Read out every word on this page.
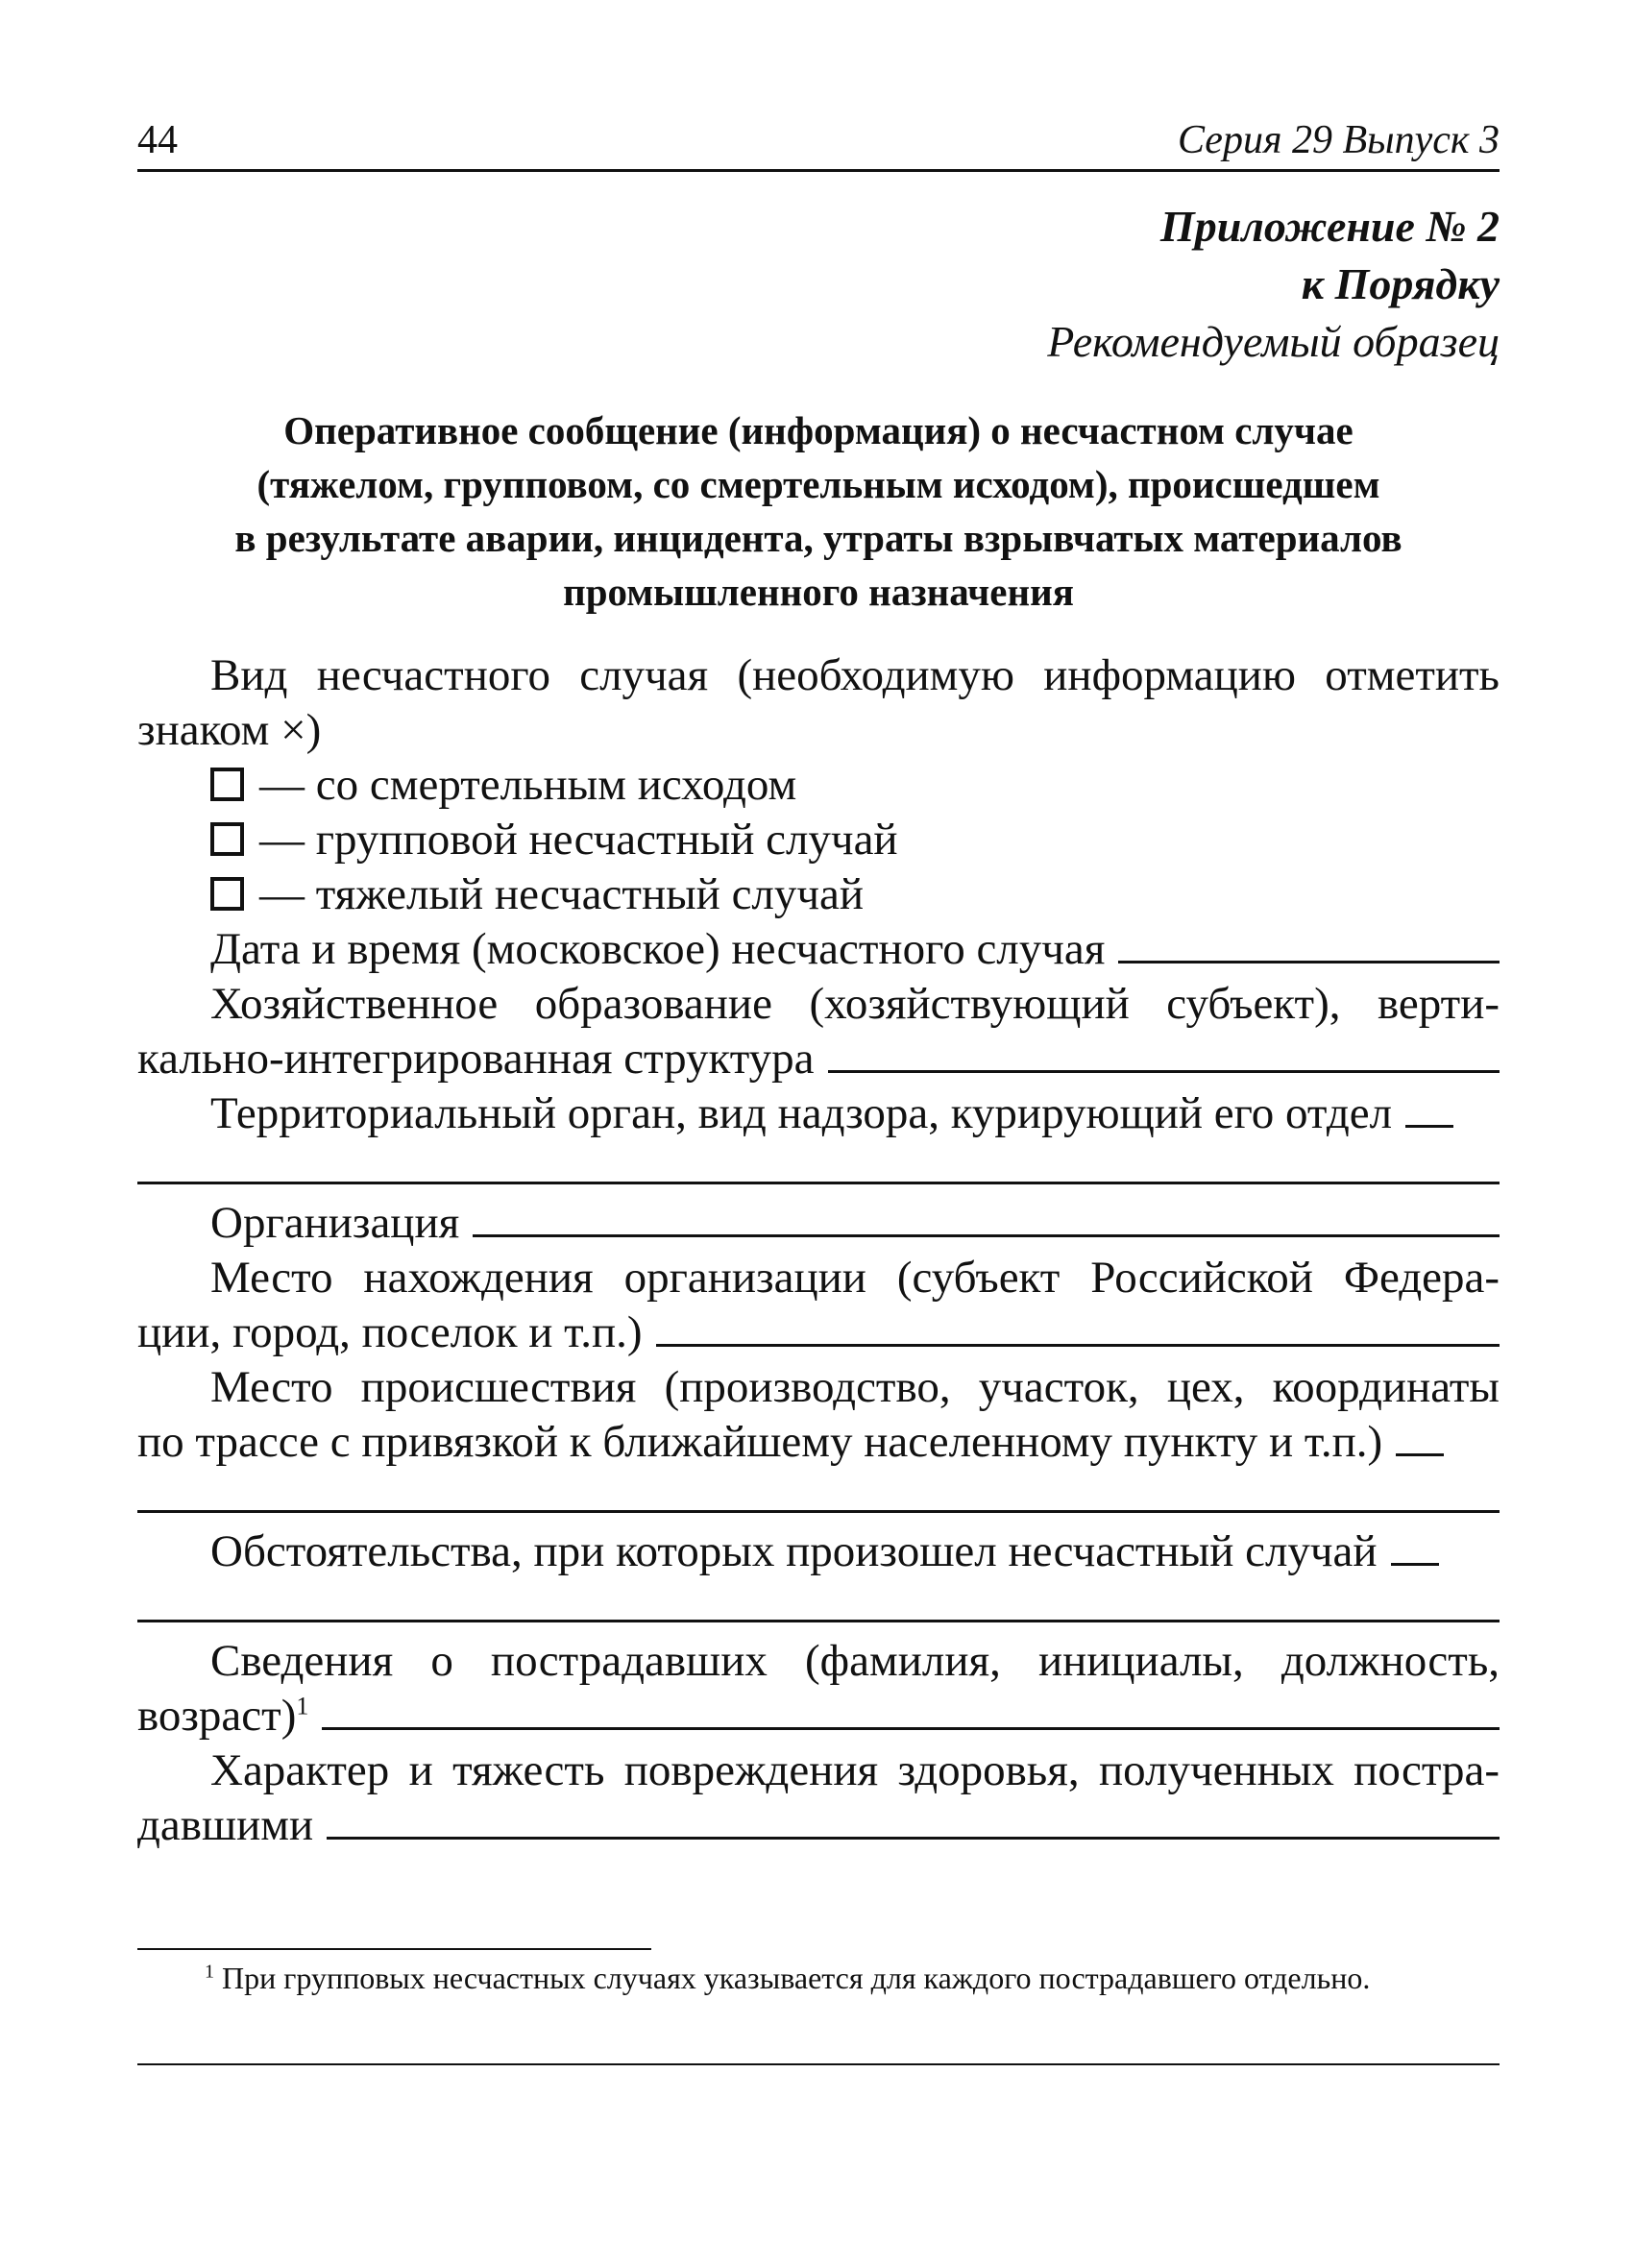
44	Серия 29 Выпуск 3
Приложение № 2
к Порядку
Рекомендуемый образец
Оперативное сообщение (информация) о несчастном случае
(тяжелом, групповом, со смертельным исходом), происшедшем
в результате аварии, инцидента, утраты взрывчатых материалов
промышленного назначения
Вид несчастного случая (необходимую информацию отметить
знаком ×)
— со смертельным исходом
— групповой несчастный случай
— тяжелый несчастный случай
Дата и время (московское) несчастного случая
Хозяйственное образование (хозяйствующий субъект), верти-
кально-интегрированная структура
Территориальный орган, вид надзора, курирующий его отдел
Организация
Место нахождения организации (субъект Российской Федера-
ции, город, поселок и т.п.)
Место происшествия (производство, участок, цех, координаты
по трассе с привязкой к ближайшему населенному пункту и т.п.)
Обстоятельства, при которых произошел несчастный случай
Сведения о пострадавших (фамилия, инициалы, должность,
возраст)$^1$
Характер и тяжесть повреждения здоровья, полученных постра-
давшими
$^1$ При групповых несчастных случаях указывается для каждого пострадавшего отдельно.
